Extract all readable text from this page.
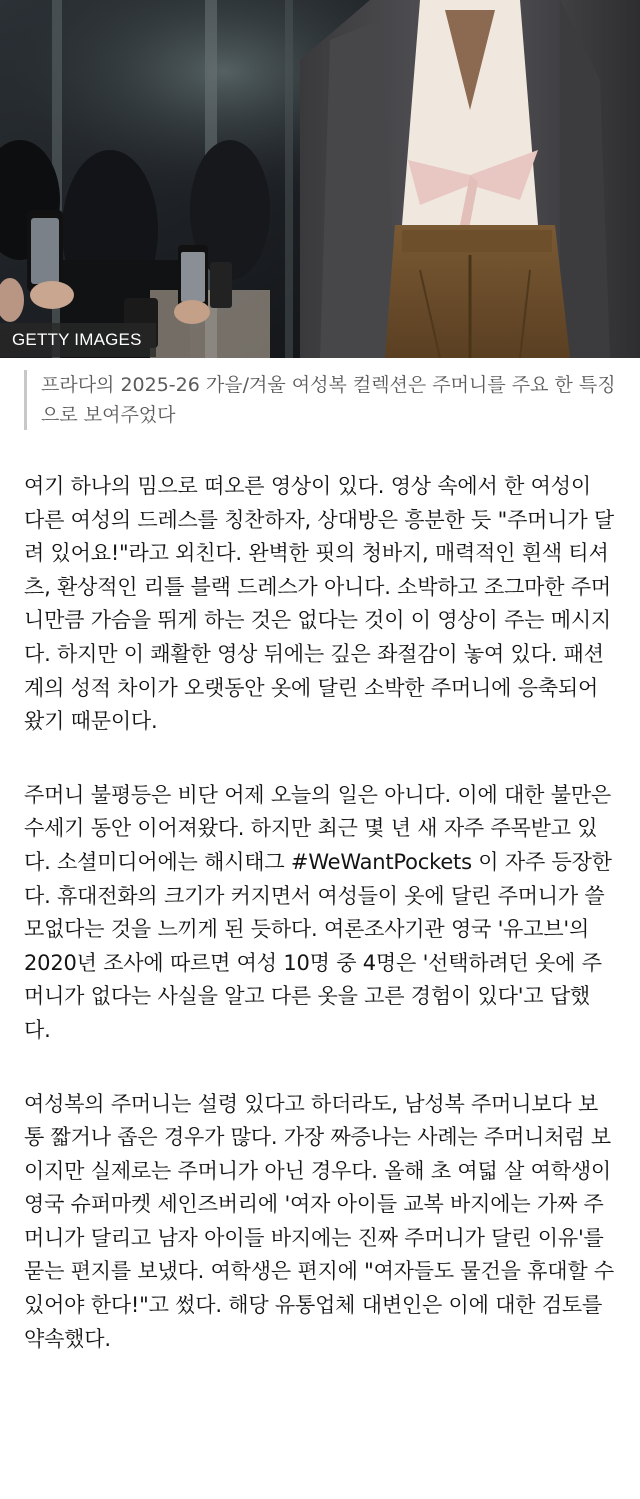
GETTY IMAGES
프라다의 2025-26 가을/겨울 여성복 컬렉션은 주머니를 주요 한 특징으로 보여주었다

여기 하나의 밈으로 떠오른 영상이 있다. 영상 속에서 한 여성이 다른 여성의 드레스를 칭찬하자, 상대방은 흥분한 듯 "주머니가 달려 있어요!"라고 외친다. 완벽한 핏의 청바지, 매력적인 흰색 티셔츠, 환상적인 리틀 블랙 드레스가 아니다. 소박하고 조그마한 주머니만큼 가슴을 뛰게 하는 것은 없다는 것이 이 영상이 주는 메시지다. 하지만 이 쾌활한 영상 뒤에는 깊은 좌절감이 놓여 있다. 패션계의 성적 차이가 오랫동안 옷에 달린 소박한 주머니에 응축되어 왔기 때문이다.

주머니 불평등은 비단 어제 오늘의 일은 아니다. 이에 대한 불만은 수세기 동안 이어져왔다. 하지만 최근 몇 년 새 자주 주목받고 있다. 소셜미디어에는 해시태그 #WeWantPockets 이 자주 등장한다. 휴대전화의 크기가 커지면서 여성들이 옷에 달린 주머니가 쓸모없다는 것을 느끼게 된 듯하다. 여론조사기관 영국 '유고브'의 2020년 조사에 따르면 여성 10명 중 4명은 '선택하려던 옷에 주머니가 없다는 사실을 알고 다른 옷을 고른 경험이 있다'고 답했다.

여성복의 주머니는 설령 있다고 하더라도, 남성복 주머니보다 보통 짧거나 좁은 경우가 많다. 가장 짜증나는 사례는 주머니처럼 보이지만 실제로는 주머니가 아닌 경우다. 올해 초 여덟 살 여학생이 영국 슈퍼마켓 세인즈버리에 '여자 아이들 교복 바지에는 가짜 주머니가 달리고 남자 아이들 바지에는 진짜 주머니가 달린 이유'를 묻는 편지를 보냈다. 여학생은 편지에 "여자들도 물건을 휴대할 수 있어야 한다!"고 썼다. 해당 유통업체 대변인은 이에 대한 검토를 약속했다.
